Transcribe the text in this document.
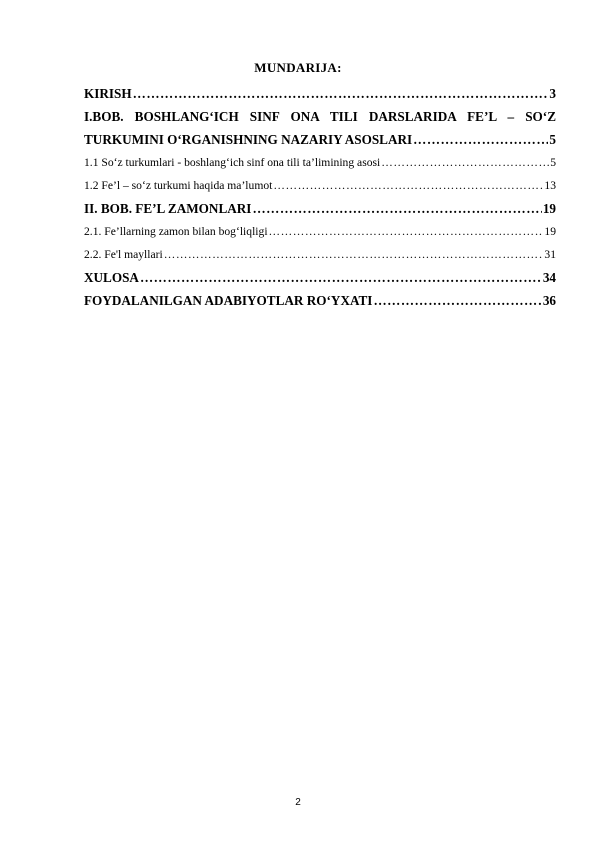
MUNDARIJA:
KIRISH ………………………………………………………………………………………………………………………………………………………………………………	3
I.BOB. BOSHLANG‘ICH SINF ONA TILI DARSLARIDA FE’L – SO‘Z
TURKUMINI O‘RGANISHNING NAZARIY ASOSLARI ………………………………………………………………………………………………………………………………………………………………………………	5
1.1 So‘z turkumlari - boshlang‘ich sinf ona tili ta’limining asosi ………………………………………………………………………………………………………………………………………………………………………………	5
1.2 Fe’l – so‘z turkumi haqida ma’lumot ………………………………………………………………………………………………………………………………………………………………………………	13
II. BOB. FE’L ZAMONLARI ………………………………………………………………………………………………………………………………………………………………………………	19
2.1. Fe’llarning zamon bilan bog‘liqligi ………………………………………………………………………………………………………………………………………………………………………………	19
2.2. Fe'l mayllari ………………………………………………………………………………………………………………………………………………………………………………	31
XULOSA ………………………………………………………………………………………………………………………………………………………………………………	34
FOYDALANILGAN ADABIYOTLAR RO‘YXATI ………………………………………………………………………………………………………………………………………………………………………………	36
2
